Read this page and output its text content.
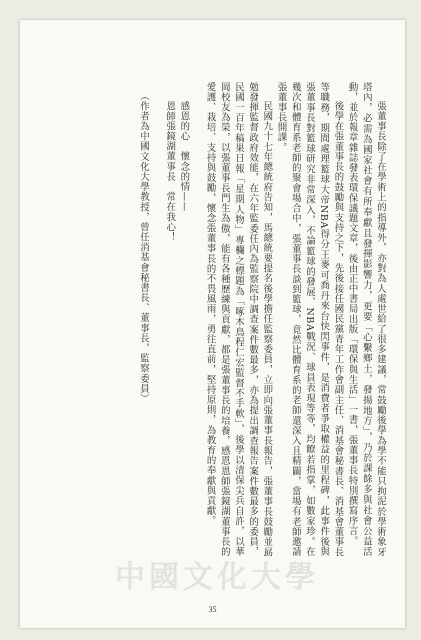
張董事長除了在學術上的指導外，亦對為人處世給了很多建議，常鼓勵後學為學不能只拘泥於學術象牙塔內，必需為國家社會有所奉獻且發揮影響力，更要「心繫鄉土，發揚地方」，乃於課餘多與社會公益活動，並於報章雜誌發表環保議題文章，後由正中書局出版「環保與生活」一書，張董事長特別撰寫序言。

後學在張董事長的鼓勵與支持之下，先後接任國民黨青年工作會副主任、消基會秘書長、消基會董事長等職務，期間處理籃球大帝NBA得分王麥可喬丹來台快閃事件，是消費者爭取權益的里程碑，此事件後與張董事長對籃球研究非常深入，不論籃球的發展、NBA戰況、球員表現等等，均瞭若指掌，如數家珍。在幾次和體育系老師的聚會場合中，張董事長談到籃球，竟然比體育系的老師還深入且精闢，當場有老師邀請張董事長開課。

民國九十七年總統府告知，馬總統要提名後學擔任監察委員，立即向張董事長報告，張董事長鼓勵並勗勉發揮監督政府效能，在六年監委任內為監察院中調查案件數最多，亦為提出調查報告案件數最多的委員，民國一百年稿果日報「星期人物」專欄之標題為「啄木鳥程仁宏監督不手軟」，後學以清保尖兵自許，以華岡校友為榮，以張董事長門生為傲，能有各種歷練與貢獻，都是張董事長的培養，感恩恩師張鏡湖董事長的愛護、栽培、支持與鼓勵，懷念張董事長的不畏風雨，勇往直前，堅持原則，為教育的奉獻與貢獻。

感恩的心　懷念的情——

恩師張鏡湖董事長　常在我心！

（作者為中國文化大學教授，曾任消基會秘書長、董事長，監察委員）

中國文化大學
35
